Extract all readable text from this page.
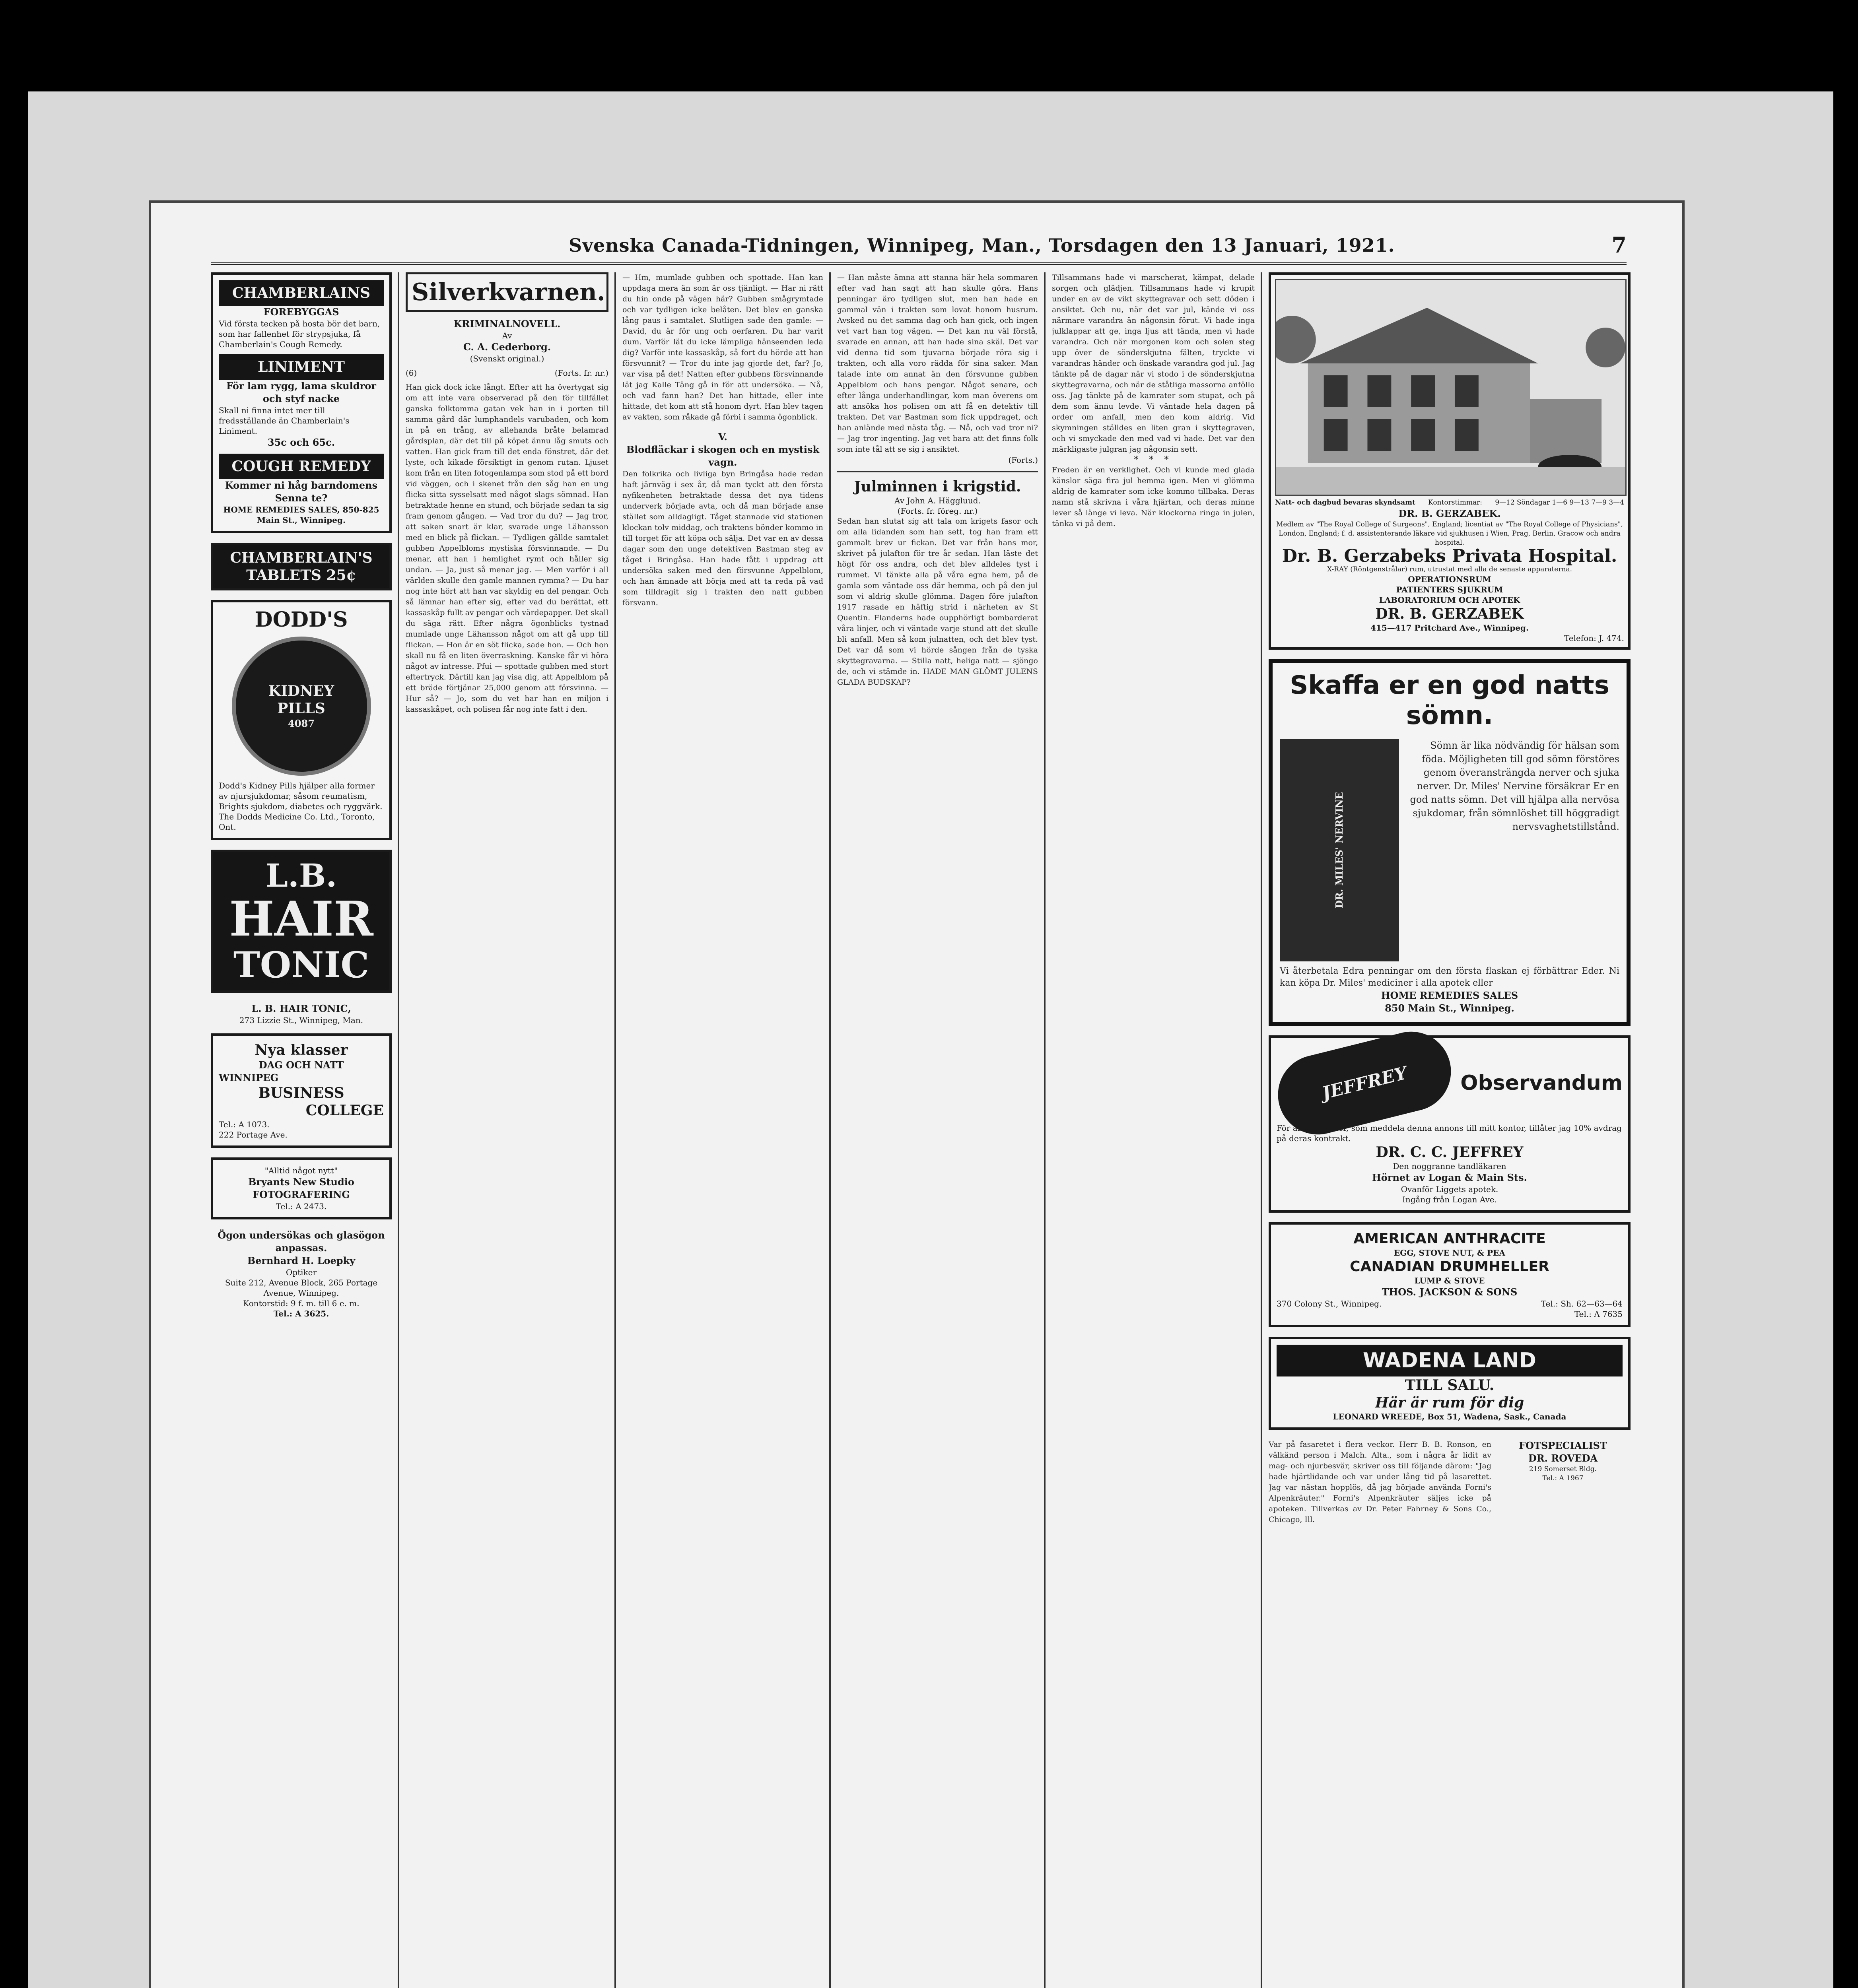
Svenska Canada-Tidningen, Winnipeg, Man., Torsdagen den 13 Januari, 1921.	7
CHAMBERLAINS
FOREBYGGAS
Vid första tecken på hosta bör det barn, som har fallenhet för strypsjuka, få Chamberlain's Cough Remedy.
LINIMENT
För lam rygg, lama skuldror och styf nacke
Skall ni finna intet mer till fredsställande än Chamberlain's Liniment.
35c och 65c.
COUGH REMEDY
Kommer ni håg barndomens Senna te?
HOME REMEDIES SALES, 850-825 Main St., Winnipeg.
CHAMBERLAIN'S
TABLETS 25¢
DODD'S
KIDNEY
PILLS
4087
Dodd's Kidney Pills hjälper alla former av njursjukdomar, såsom reumatism, Brights sjukdom, diabetes och ryggvärk. The Dodds Medicine Co. Ltd., Toronto, Ont.
L.B.
HAIR
TONIC
L. B. HAIR TONIC,
273 Lizzie St., Winnipeg, Man.
Nya klasser
DAG OCH NATT
WINNIPEG
BUSINESS
COLLEGE
Tel.: A 1073.
222 Portage Ave.
"Alltid något nytt"
Bryants New Studio
FOTOGRAFERING
Tel.: A 2473.
Ögon undersökas och glasögon anpassas.
Bernhard H. Loepky
Optiker
Suite 212, Avenue Block, 265 Portage Avenue, Winnipeg.
Kontorstid: 9 f. m. till 6 e. m.
Tel.: A 3625.
Silverkvarnen.
KRIMINALNOVELL.
Av
C. A. Cederborg.
(Svenskt original.)
(6)	(Forts. fr. nr.)
Han gick dock icke långt. Efter att ha övertygat sig om att inte vara observerad på den för tillfället ganska folktomma gatan vek han in i porten till samma gård där lumphandels varubaden, och kom in på en trång, av allehanda bråte belamrad gårdsplan, där det till på köpet ännu låg smuts och vatten. Han gick fram till det enda fönstret, där det lyste, och kikade försiktigt in genom rutan. Ljuset kom från en liten fotogenlampa som stod på ett bord vid väggen, och i skenet från den såg han en ung flicka sitta sysselsatt med något slags sömnad. Han betraktade henne en stund, och började sedan ta sig fram genom gången. — Vad tror du du? — Jag tror, att saken snart är klar, svarade unge Lähansson med en blick på flickan. — Tydligen gällde samtalet gubben Appelbloms mystiska försvinnande. — Du menar, att han i hemlighet rymt och håller sig undan. — Ja, just så menar jag. — Men varför i all världen skulle den gamle mannen rymma? — Du har nog inte hört att han var skyldig en del pengar. Och så lämnar han efter sig, efter vad du berättat, ett kassaskåp fullt av pengar och värdepapper. Det skall du säga rätt. Efter några ögonblicks tystnad mumlade unge Lähansson något om att gå upp till flickan. — Hon är en söt flicka, sade hon. — Och hon skall nu få en liten överraskning. Kanske får vi höra något av intresse. Pfui — spottade gubben med stort eftertryck. Därtill kan jag visa dig, att Appelblom på ett bräde förtjänar 25,000 genom att försvinna. — Hur så? — Jo, som du vet har han en miljon i kassaskåpet, och polisen får nog inte fatt i den.
— Hm, mumlade gubben och spottade. Han kan uppdaga mera än som är oss tjänligt. — Har ni rätt du hin onde på vägen här? Gubben smågrymtade och var tydligen icke belåten. Det blev en ganska lång paus i samtalet. Slutligen sade den gamle: — David, du är för ung och oerfaren. Du har varit dum. Varför lät du icke lämpliga hänseenden leda dig? Varför inte kassaskåp, så fort du hörde att han försvunnit? — Tror du inte jag gjorde det, far? Jo, var visa på det! Natten efter gubbens försvinnande lät jag Kalle Täng gå in för att undersöka. — Nå, och vad fann han? Det han hittade, eller inte hittade, det kom att stå honom dyrt. Han blev tagen av vakten, som råkade gå förbi i samma ögonblick.
V.
Blodfläckar i skogen och en mystisk vagn.
Den folkrika och livliga byn Bringåsa hade redan haft järnväg i sex år, då man tyckt att den första nyfikenheten betraktade dessa det nya tidens underverk började avta, och då man började anse stället som alldagligt. Tåget stannade vid stationen klockan tolv middag, och traktens bönder kommo in till torget för att köpa och sälja. Det var en av dessa dagar som den unge detektiven Bastman steg av tåget i Bringåsa. Han hade fått i uppdrag att undersöka saken med den försvunne Appelblom, och han ämnade att börja med att ta reda på vad som tilldragit sig i trakten den natt gubben försvann.
— Han måste ämna att stanna här hela sommaren efter vad han sagt att han skulle göra. Hans penningar äro tydligen slut, men han hade en gammal vän i trakten som lovat honom husrum. Avsked nu det samma dag och han gick, och ingen vet vart han tog vägen. — Det kan nu väl förstå, svarade en annan, att han hade sina skäl. Det var vid denna tid som tjuvarna började röra sig i trakten, och alla voro rädda för sina saker. Man talade inte om annat än den försvunne gubben Appelblom och hans pengar. Något senare, och efter långa underhandlingar, kom man överens om att ansöka hos polisen om att få en detektiv till trakten. Det var Bastman som fick uppdraget, och han anlände med nästa tåg. — Nå, och vad tror ni? — Jag tror ingenting. Jag vet bara att det finns folk som inte tål att se sig i ansiktet.
(Forts.)
Julminnen i krigstid.
Av John A. Häggluud.
(Forts. fr. föreg. nr.)
Sedan han slutat sig att tala om krigets fasor och om alla lidanden som han sett, tog han fram ett gammalt brev ur fickan. Det var från hans mor, skrivet på julafton för tre år sedan. Han läste det högt för oss andra, och det blev alldeles tyst i rummet. Vi tänkte alla på våra egna hem, på de gamla som väntade oss där hemma, och på den jul som vi aldrig skulle glömma. Dagen före julafton 1917 rasade en häftig strid i närheten av St Quentin. Flanderns hade oupphörligt bombarderat våra linjer, och vi väntade varje stund att det skulle bli anfall. Men så kom julnatten, och det blev tyst. Det var då som vi hörde sången från de tyska skyttegravarna. — Stilla natt, heliga natt — sjöngo de, och vi stämde in. HADE MAN GLÖMT JULENS GLADA BUDSKAP?
Tillsammans hade vi marscherat, kämpat, delade sorgen och glädjen. Tillsammans hade vi krupit under en av de vikt skyttegravar och sett döden i ansiktet. Och nu, när det var jul, kände vi oss närmare varandra än någonsin förut. Vi hade inga julklappar att ge, inga ljus att tända, men vi hade varandra. Och när morgonen kom och solen steg upp över de sönderskjutna fälten, tryckte vi varandras händer och önskade varandra god jul. Jag tänkte på de dagar när vi stodo i de sönderskjutna skyttegravarna, och när de ståtliga massorna anföllo oss. Jag tänkte på de kamrater som stupat, och på dem som ännu levde. Vi väntade hela dagen på order om anfall, men den kom aldrig. Vid skymningen ställdes en liten gran i skyttegraven, och vi smyckade den med vad vi hade. Det var den märkligaste julgran jag någonsin sett.
* * *
Freden är en verklighet. Och vi kunde med glada känslor säga fira jul hemma igen. Men vi glömma aldrig de kamrater som icke kommo tillbaka. Deras namn stå skrivna i våra hjärtan, och deras minne lever så länge vi leva. När klockorna ringa in julen, tänka vi på dem.
Natt- och dagbud bevaras skyndsamt Kontorstimmar: 9—12 Söndagar 1—6 9—13 7—9 3—4
DR. B. GERZABEK.
Medlem av "The Royal College of Surgeons", England; licentiat av "The Royal College of Physicians", London, England; f. d. assistenterande läkare vid sjukhusen i Wien, Prag, Berlin, Gracow och andra hospital.
Dr. B. Gerzabeks Privata Hospital.
X-RAY (Röntgenstrålar) rum, utrustat med alla de senaste apparaterna.
OPERATIONSRUM
PATIENTERS SJUKRUM
LABORATORIUM OCH APOTEK
DR. B. GERZABEK
415—417 Pritchard Ave., Winnipeg.
Telefon: J. 474.
Skaffa er en god natts
sömn.
DR. MILES' NERVINE
Sömn är lika nödvändig för hälsan som föda. Möjligheten till god sömn förstöres genom överansträngda nerver och sjuka nerver. Dr. Miles' Nervine försäkrar Er en god natts sömn. Det vill hjälpa alla nervösa sjukdomar, från sömnlöshet till höggradigt nervsvaghetstillstånd.
Vi återbetala Edra penningar om den första flaskan ej förbättrar Eder. Ni kan köpa Dr. Miles' mediciner i alla apotek eller
HOME REMEDIES SALES
850 Main St., Winnipeg.
JEFFREY Observandum
För alla patienter, som meddela denna annons till mitt kontor, tillåter jag 10% avdrag på deras kontrakt.
DR. C. C. JEFFREY
Den noggranne tandläkaren
Hörnet av Logan & Main Sts.
Ovanför Liggets apotek.
Ingång från Logan Ave.
AMERICAN ANTHRACITE
EGG, STOVE NUT, & PEA
CANADIAN DRUMHELLER
LUMP & STOVE
THOS. JACKSON & SONS
370 Colony St., Winnipeg.	Tel.: Sh. 62—63—64
Tel.: A 7635
WADENA LAND
TILL SALU.
Här är rum för dig
LEONARD WREEDE, Box 51, Wadena, Sask., Canada
Var på fasaretet i flera veckor. Herr B. B. Ronson, en välkänd person i Malch. Alta., som i några år lidit av mag- och njurbesvär, skriver oss till följande därom: "Jag hade hjärtlidande och var under lång tid på lasarettet. Jag var nästan hopplös, då jag började använda Forni's Alpenkräuter." Forni's Alpenkräuter säljes icke på apoteken. Tillverkas av Dr. Peter Fahrney & Sons Co., Chicago, Ill.
FOTSPECIALIST
DR. ROVEDA
219 Somerset Bldg.
Tel.: A 1967
